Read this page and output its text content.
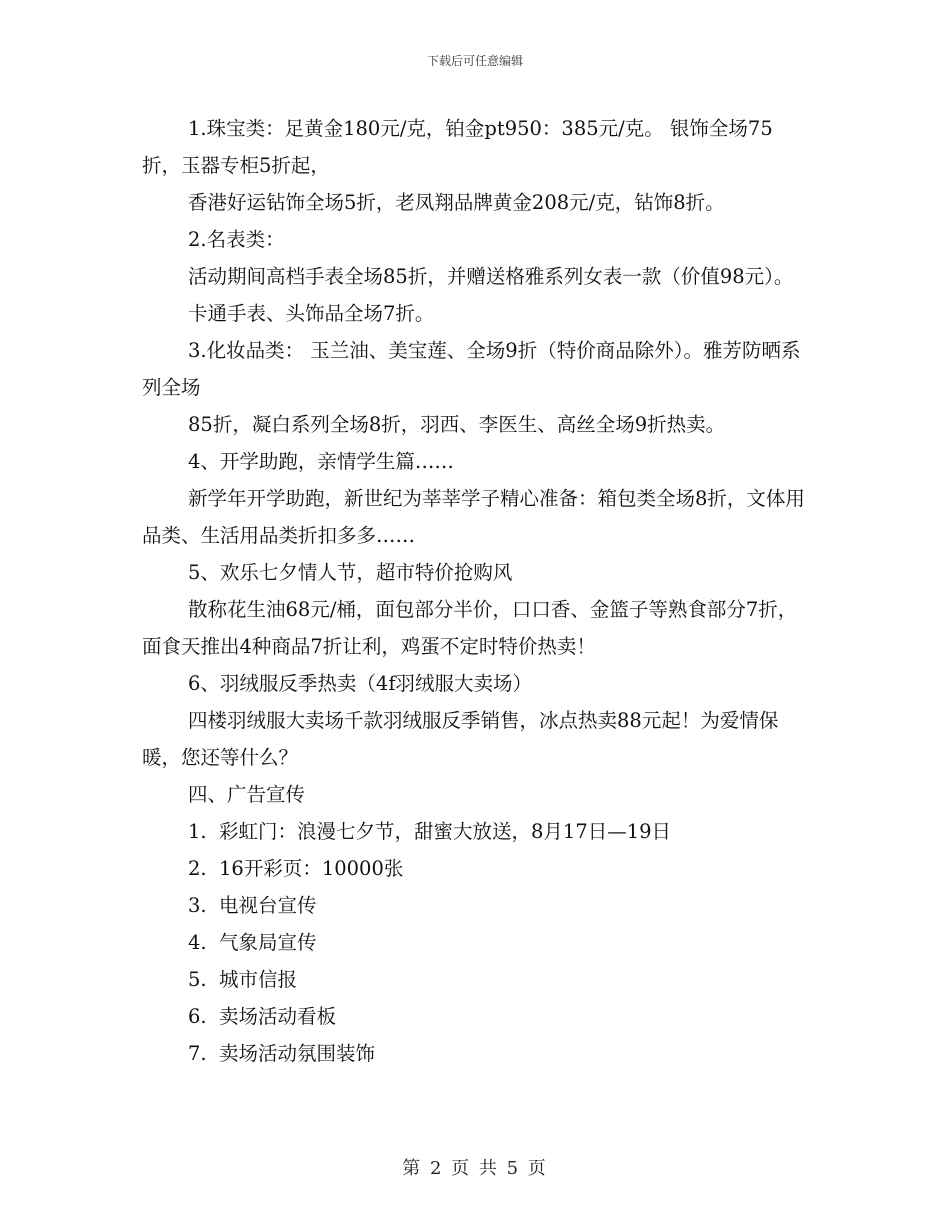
下载后可任意编辑

1.珠宝类：足黄金180元/克，铂金pt950：385元/克。 银饰全场75折，玉器专柜5折起，

香港好运钻饰全场5折，老凤翔品牌黄金208元/克，钻饰8折。

2.名表类：

活动期间高档手表全场85折，并赠送格雅系列女表一款（价值98元）。

卡通手表、头饰品全场7折。

3.化妆品类： 玉兰油、美宝莲、全场9折（特价商品除外）。雅芳防晒系列全场

85折，凝白系列全场8折，羽西、李医生、高丝全场9折热卖。

4、开学助跑，亲情学生篇……

新学年开学助跑，新世纪为莘莘学子精心准备：箱包类全场8折，文体用品类、生活用品类折扣多多……

5、欢乐七夕情人节，超市特价抢购风

散称花生油68元/桶，面包部分半价，口口香、金篮子等熟食部分7折，面食天推出4种商品7折让利，鸡蛋不定时特价热卖！

6、羽绒服反季热卖（4f羽绒服大卖场）

四楼羽绒服大卖场千款羽绒服反季销售，冰点热卖88元起！为爱情保暖，您还等什么？

四、广告宣传

1.  彩虹门：浪漫七夕节，甜蜜大放送，8月17日—19日

2.  16开彩页：10000张

3.  电视台宣传

4.  气象局宣传

5.  城市信报

6.  卖场活动看板

7.  卖场活动氛围装饰

第 2 页 共 5 页
